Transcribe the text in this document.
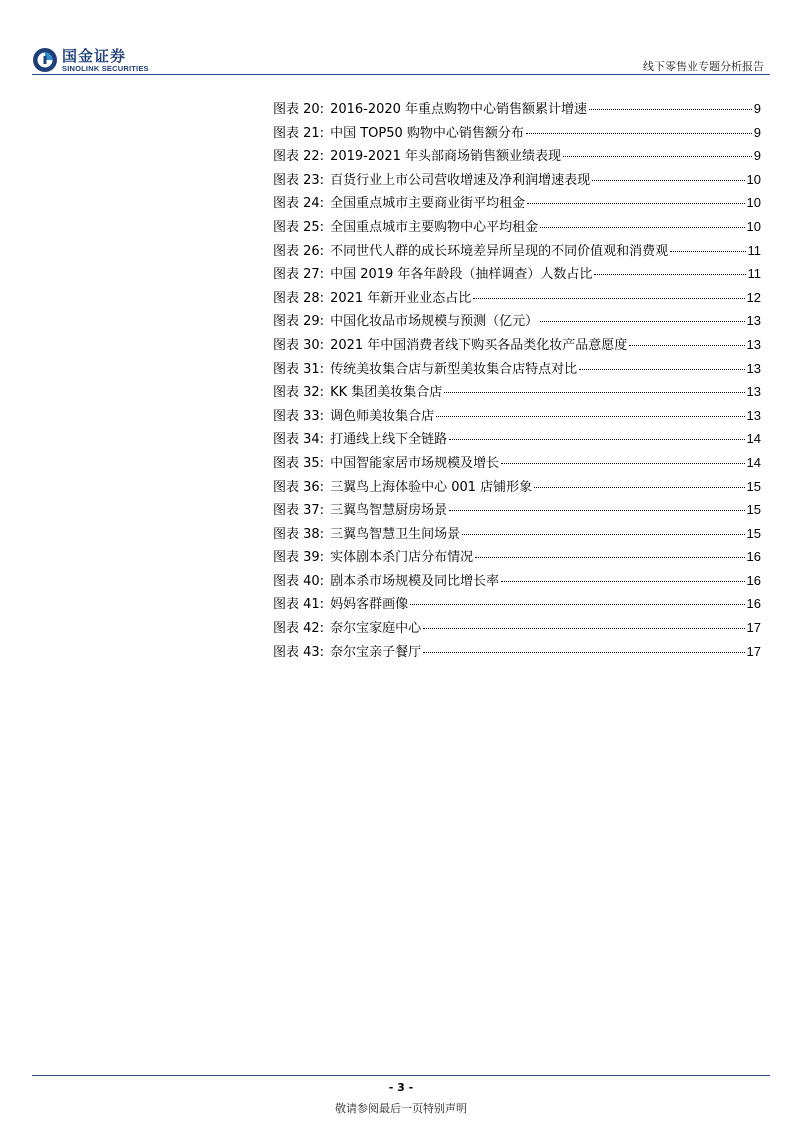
国金证券
SINOLINK SECURITIES	线下零售业专题分析报告
图表 20: 2016-2020 年重点购物中心销售额累计增速	9
图表 21: 中国 TOP50 购物中心销售额分布	9
图表 22: 2019-2021 年头部商场销售额业绩表现	9
图表 23: 百货行业上市公司营收增速及净利润增速表现	10
图表 24: 全国重点城市主要商业街平均租金	10
图表 25: 全国重点城市主要购物中心平均租金	10
图表 26: 不同世代人群的成长环境差异所呈现的不同价值观和消费观	11
图表 27: 中国 2019 年各年龄段（抽样调查）人数占比	11
图表 28: 2021 年新开业业态占比	12
图表 29: 中国化妆品市场规模与预测（亿元）	13
图表 30: 2021 年中国消费者线下购买各品类化妆产品意愿度	13
图表 31: 传统美妆集合店与新型美妆集合店特点对比	13
图表 32: KK 集团美妆集合店	13
图表 33: 调色师美妆集合店	13
图表 34: 打通线上线下全链路	14
图表 35: 中国智能家居市场规模及增长	14
图表 36: 三翼鸟上海体验中心 001 店铺形象	15
图表 37: 三翼鸟智慧厨房场景	15
图表 38: 三翼鸟智慧卫生间场景	15
图表 39: 实体剧本杀门店分布情况	16
图表 40: 剧本杀市场规模及同比增长率	16
图表 41: 妈妈客群画像	16
图表 42: 奈尔宝家庭中心	17
图表 43: 奈尔宝亲子餐厅	17
- 3 -
敬请参阅最后一页特别声明
